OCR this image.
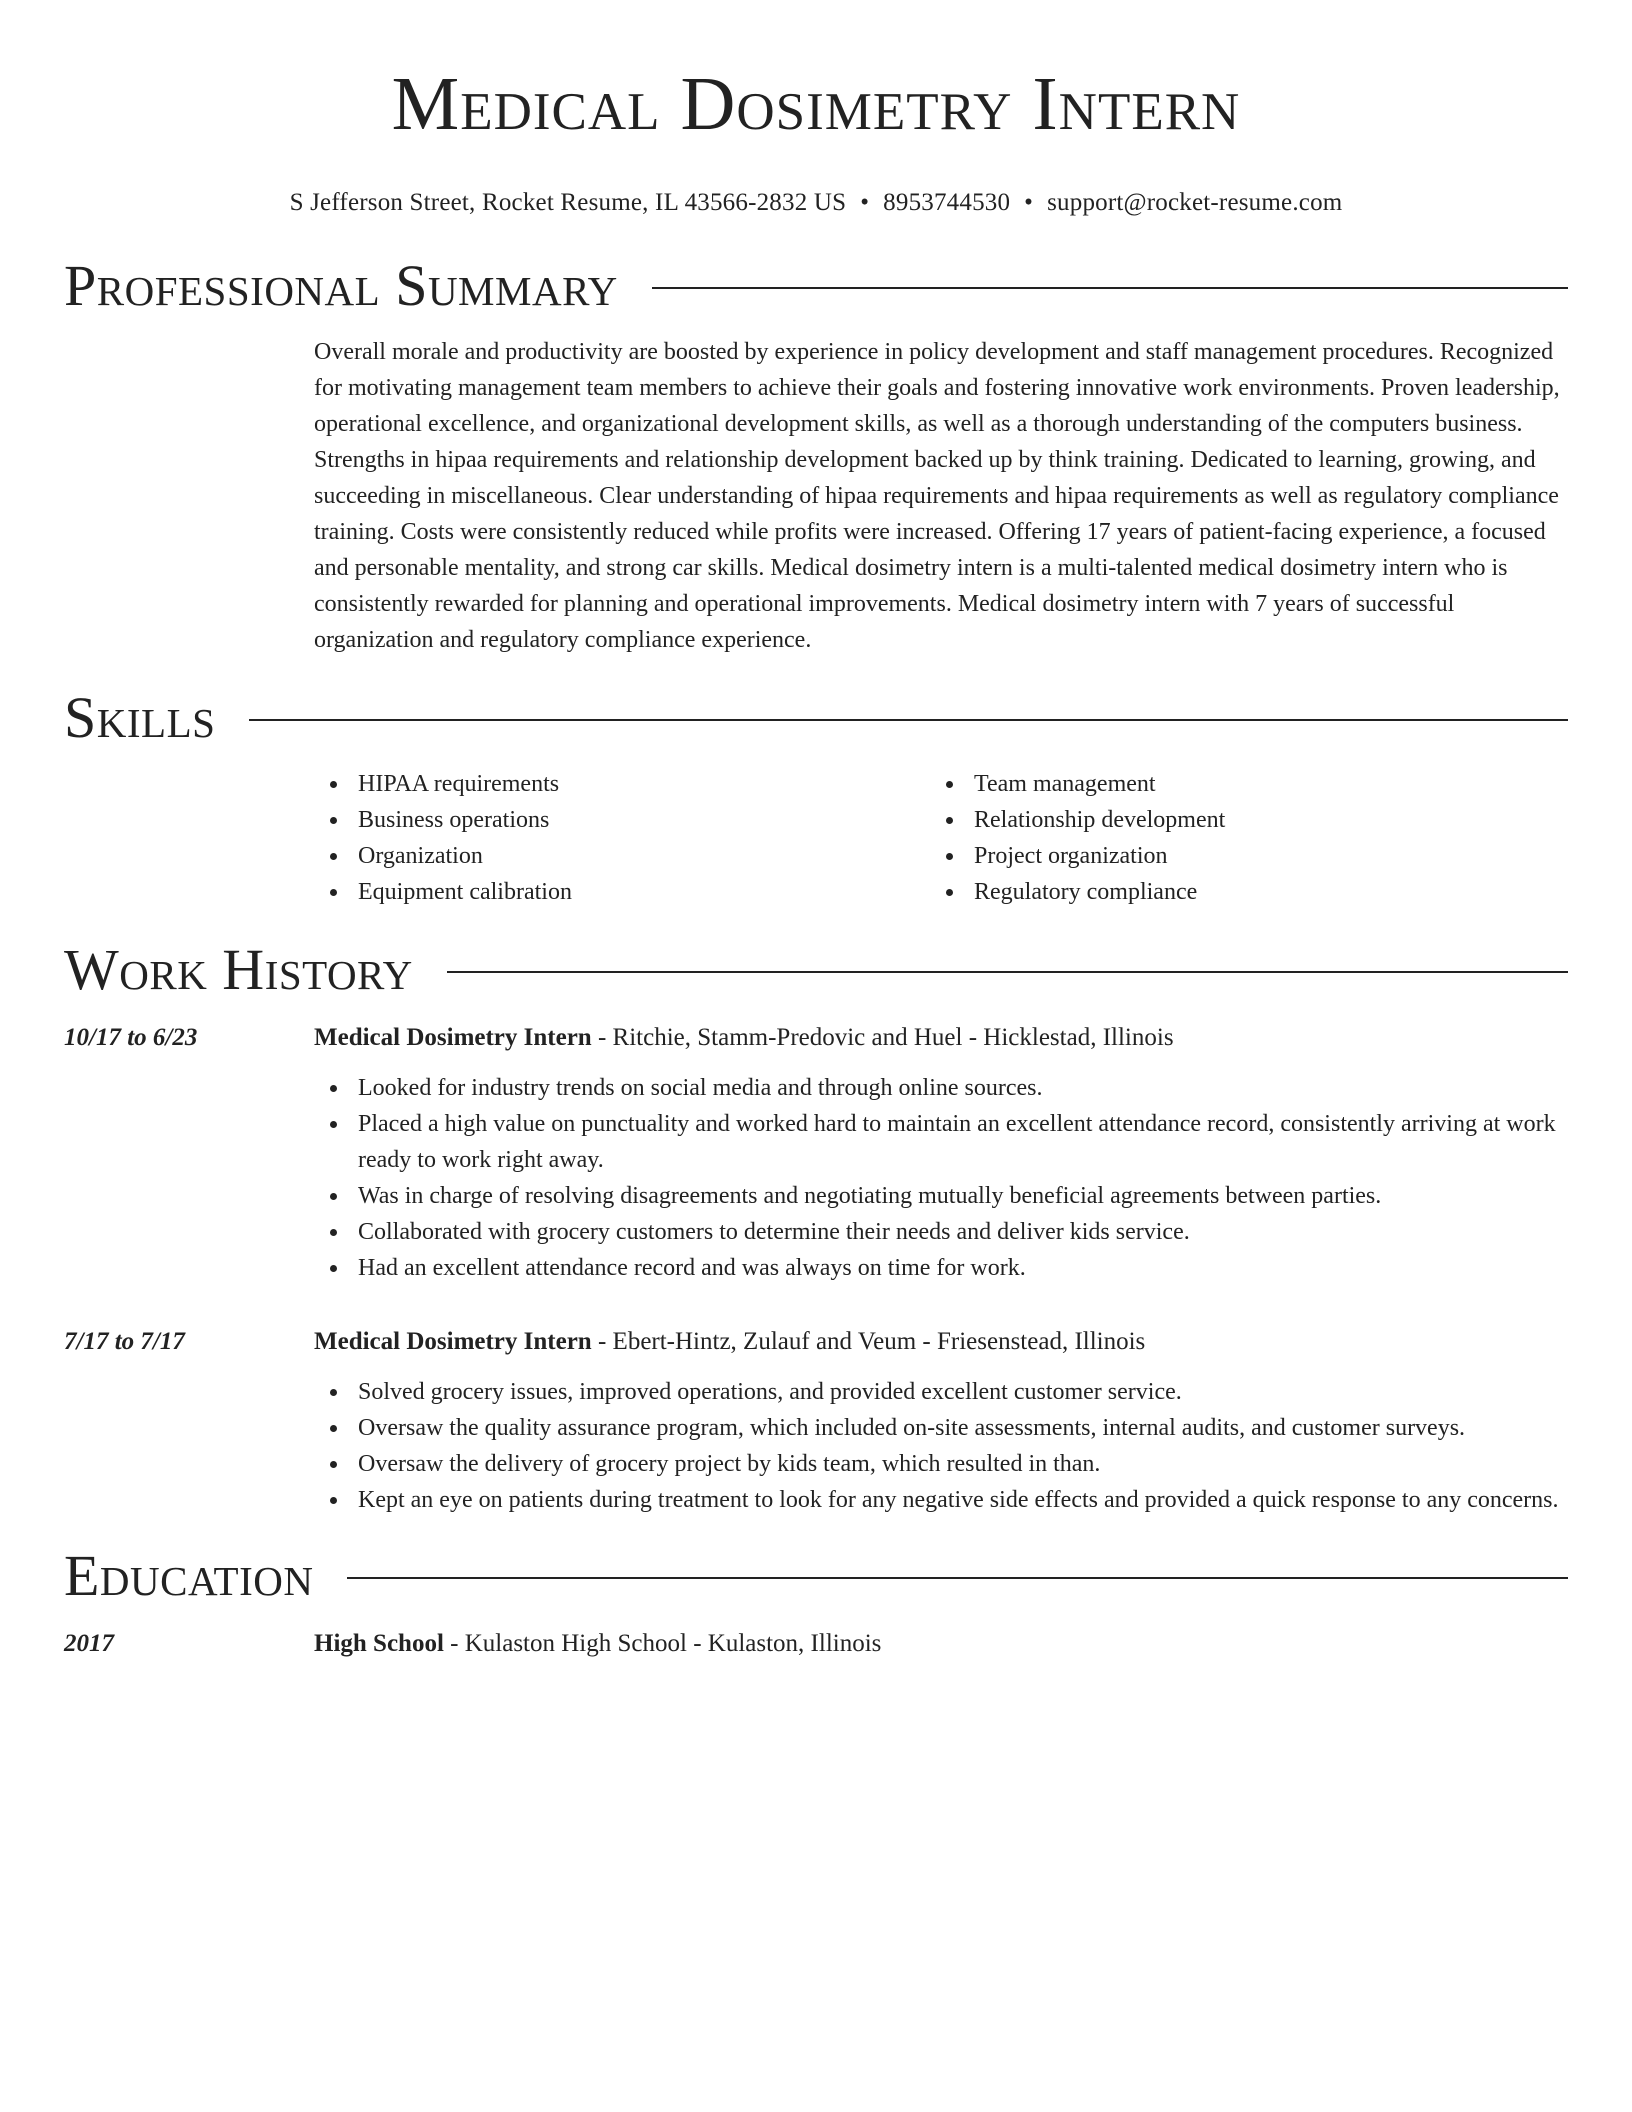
Medical Dosimetry Intern
S Jefferson Street, Rocket Resume, IL 43566-2832 US • 8953744530 • support@rocket-resume.com
Professional Summary
Overall morale and productivity are boosted by experience in policy development and staff management procedures. Recognized for motivating management team members to achieve their goals and fostering innovative work environments. Proven leadership, operational excellence, and organizational development skills, as well as a thorough understanding of the computers business. Strengths in hipaa requirements and relationship development backed up by think training. Dedicated to learning, growing, and succeeding in miscellaneous. Clear understanding of hipaa requirements and hipaa requirements as well as regulatory compliance training. Costs were consistently reduced while profits were increased. Offering 17 years of patient-facing experience, a focused and personable mentality, and strong car skills. Medical dosimetry intern is a multi-talented medical dosimetry intern who is consistently rewarded for planning and operational improvements. Medical dosimetry intern with 7 years of successful organization and regulatory compliance experience.
Skills
HIPAA requirements
Business operations
Organization
Equipment calibration
Team management
Relationship development
Project organization
Regulatory compliance
Work History
10/17 to 6/23	Medical Dosimetry Intern - Ritchie, Stamm-Predovic and Huel - Hicklestad, Illinois
Looked for industry trends on social media and through online sources.
Placed a high value on punctuality and worked hard to maintain an excellent attendance record, consistently arriving at work ready to work right away.
Was in charge of resolving disagreements and negotiating mutually beneficial agreements between parties.
Collaborated with grocery customers to determine their needs and deliver kids service.
Had an excellent attendance record and was always on time for work.
7/17 to 7/17	Medical Dosimetry Intern - Ebert-Hintz, Zulauf and Veum - Friesenstead, Illinois
Solved grocery issues, improved operations, and provided excellent customer service.
Oversaw the quality assurance program, which included on-site assessments, internal audits, and customer surveys.
Oversaw the delivery of grocery project by kids team, which resulted in than.
Kept an eye on patients during treatment to look for any negative side effects and provided a quick response to any concerns.
Education
2017	High School - Kulaston High School - Kulaston, Illinois
